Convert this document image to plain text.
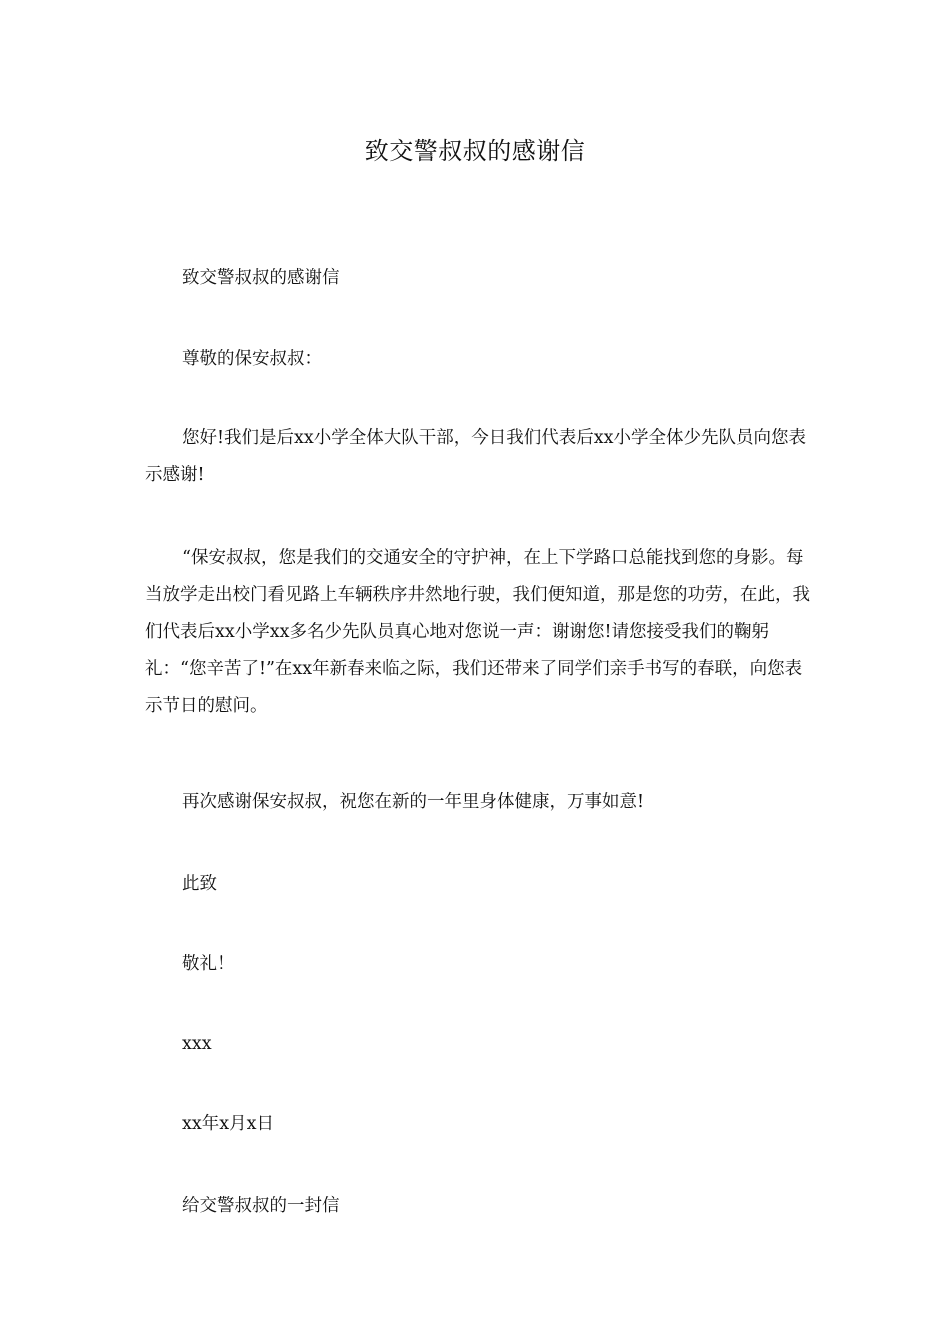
致交警叔叔的感谢信

致交警叔叔的感谢信

尊敬的保安叔叔：

您好!我们是后xx小学全体大队干部，今日我们代表后xx小学全体少先队员向您表示感谢!

“保安叔叔，您是我们的交通安全的守护神，在上下学路口总能找到您的身影。每当放学走出校门看见路上车辆秩序井然地行驶，我们便知道，那是您的功劳，在此，我们代表后xx小学xx多名少先队员真心地对您说一声：谢谢您!请您接受我们的鞠躬礼：“您辛苦了!”在xx年新春来临之际，我们还带来了同学们亲手书写的春联，向您表示节日的慰问。

再次感谢保安叔叔，祝您在新的一年里身体健康，万事如意!

此致

敬礼！

xxx

xx年x月x日

给交警叔叔的一封信
